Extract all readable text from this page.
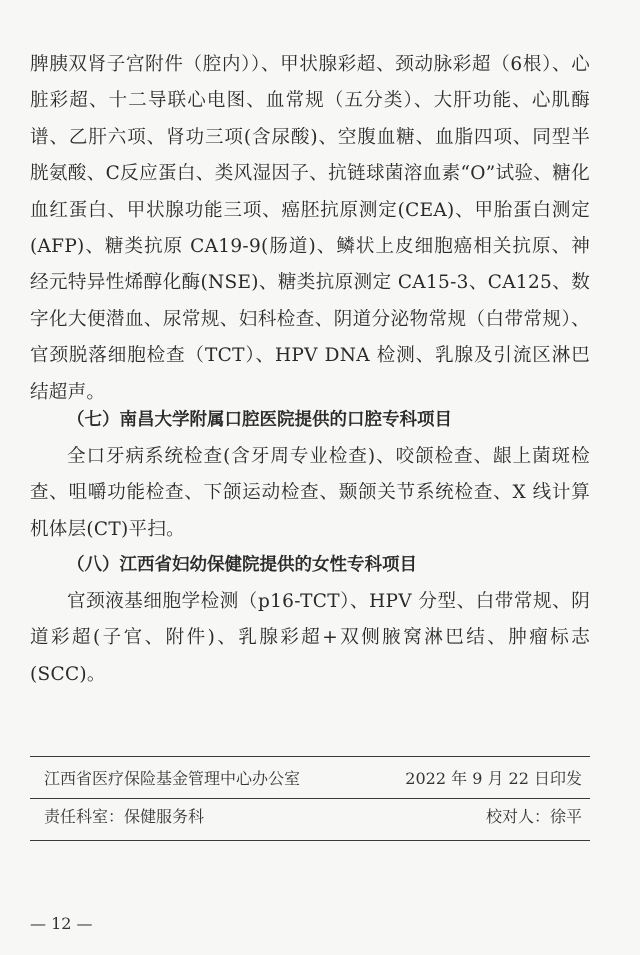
脾胰双肾子宫附件（腔内））、甲状腺彩超、颈动脉彩超（6根）、心脏彩超、十二导联心电图、血常规（五分类）、大肝功能、心肌酶谱、乙肝六项、肾功三项(含尿酸)、空腹血糖、血脂四项、同型半胱氨酸、C反应蛋白、类风湿因子、抗链球菌溶血素“O”试验、糖化血红蛋白、甲状腺功能三项、癌胚抗原测定(CEA)、甲胎蛋白测定(AFP)、糖类抗原 CA19-9(肠道)、鳞状上皮细胞癌相关抗原、神经元特异性烯醇化酶(NSE)、糖类抗原测定 CA15-3、CA125、数字化大便潜血、尿常规、妇科检查、阴道分泌物常规（白带常规）、官颈脱落细胞检查（TCT）、HPV DNA 检测、乳腺及引流区淋巴结超声。

（七）南昌大学附属口腔医院提供的口腔专科项目

全口牙病系统检查(含牙周专业检查)、咬颌检查、龈上菌斑检查、咀嚼功能检查、下颌运动检查、颞颌关节系统检查、X 线计算机体层(CT)平扫。

（八）江西省妇幼保健院提供的女性专科项目

官颈液基细胞学检测（p16-TCT）、HPV 分型、白带常规、阴道彩超(子官、附件)、乳腺彩超+双侧腋窝淋巴结、肿瘤标志(SCC)。

江西省医疗保险基金管理中心办公室	2022 年 9 月 22 日印发
责任科室：保健服务科	校对人：徐平
— 12 —
